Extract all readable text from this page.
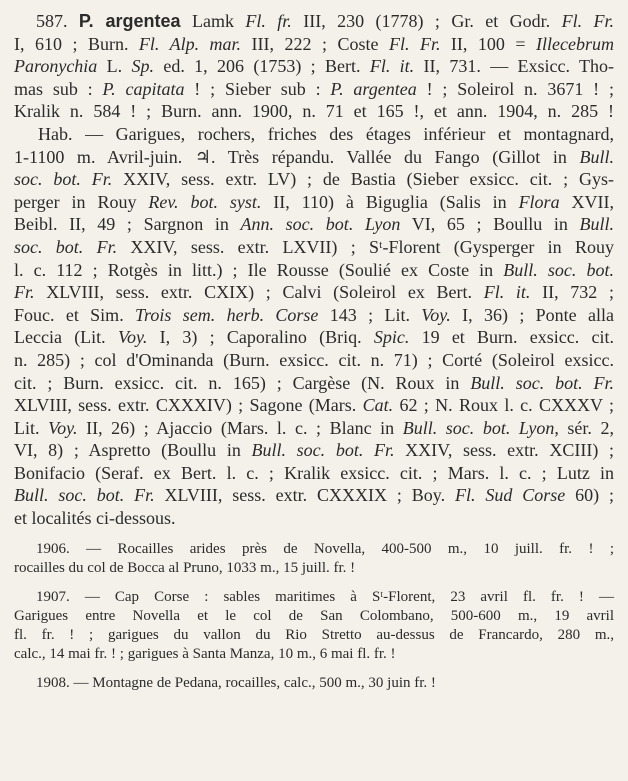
587. P. argentea Lamk Fl. fr. III, 230 (1778) ; Gr. et Godr. Fl. Fr.

I, 610 ; Burn. Fl. Alp. mar. III, 222 ; Coste Fl. Fr. II, 100 = Illecebrum

Paronychia L. Sp. ed. 1, 206 (1753) ; Bert. Fl. it. II, 731. — Exsicc. Tho-

mas sub : P. capitata ! ; Sieber sub : P. argentea ! ; Soleirol n. 3671 ! ;

Kralik n. 584 ! ; Burn. ann. 1900, n. 71 et 165 !, et ann. 1904, n. 285 !

Hab. — Garigues, rochers, friches des étages inférieur et montagnard,

1-1100 m. Avril-juin. ♃. Très répandu. Vallée du Fango (Gillot in Bull.

soc. bot. Fr. XXIV, sess. extr. LV) ; de Bastia (Sieber exsicc. cit. ; Gys-

perger in Rouy Rev. bot. syst. II, 110) à Biguglia (Salis in Flora XVII,

Beibl. II, 49 ; Sargnon in Ann. soc. bot. Lyon VI, 65 ; Boullu in Bull.

soc. bot. Fr. XXIV, sess. extr. LXVII) ; Sᵗ-Florent (Gysperger in Rouy

l. c. 112 ; Rotgès in litt.) ; Ile Rousse (Soulié ex Coste in Bull. soc. bot.

Fr. XLVIII, sess. extr. CXIX) ; Calvi (Soleirol ex Bert. Fl. it. II, 732 ;

Fouc. et Sim. Trois sem. herb. Corse 143 ; Lit. Voy. I, 36) ; Ponte alla

Leccia (Lit. Voy. I, 3) ; Caporalino (Briq. Spic. 19 et Burn. exsicc. cit.

n. 285) ; col d'Ominanda (Burn. exsicc. cit. n. 71) ; Corté (Soleirol exsicc.

cit. ; Burn. exsicc. cit. n. 165) ; Cargèse (N. Roux in Bull. soc. bot. Fr.

XLVIII, sess. extr. CXXXIV) ; Sagone (Mars. Cat. 62 ; N. Roux l. c. CXXXV ;

Lit. Voy. II, 26) ; Ajaccio (Mars. l. c. ; Blanc in Bull. soc. bot. Lyon, sér. 2,

VI, 8) ; Aspretto (Boullu in Bull. soc. bot. Fr. XXIV, sess. extr. XCIII) ;

Bonifacio (Seraf. ex Bert. l. c. ; Kralik exsicc. cit. ; Mars. l. c. ; Lutz in

Bull. soc. bot. Fr. XLVIII, sess. extr. CXXXIX ; Boy. Fl. Sud Corse 60) ;

et localités ci-dessous.

1906. — Rocailles arides près de Novella, 400-500 m., 10 juill. fr. ! ;

rocailles du col de Bocca al Pruno, 1033 m., 15 juill. fr. !

1907. — Cap Corse : sables maritimes à Sᵗ-Florent, 23 avril fl. fr. ! —

Garigues entre Novella et le col de San Colombano, 500-600 m., 19 avril

fl. fr. ! ; garigues du vallon du Rio Stretto au-dessus de Francardo, 280 m.,

calc., 14 mai fr. ! ; garigues à Santa Manza, 10 m., 6 mai fl. fr. !

1908. — Montagne de Pedana, rocailles, calc., 500 m., 30 juin fr. !
